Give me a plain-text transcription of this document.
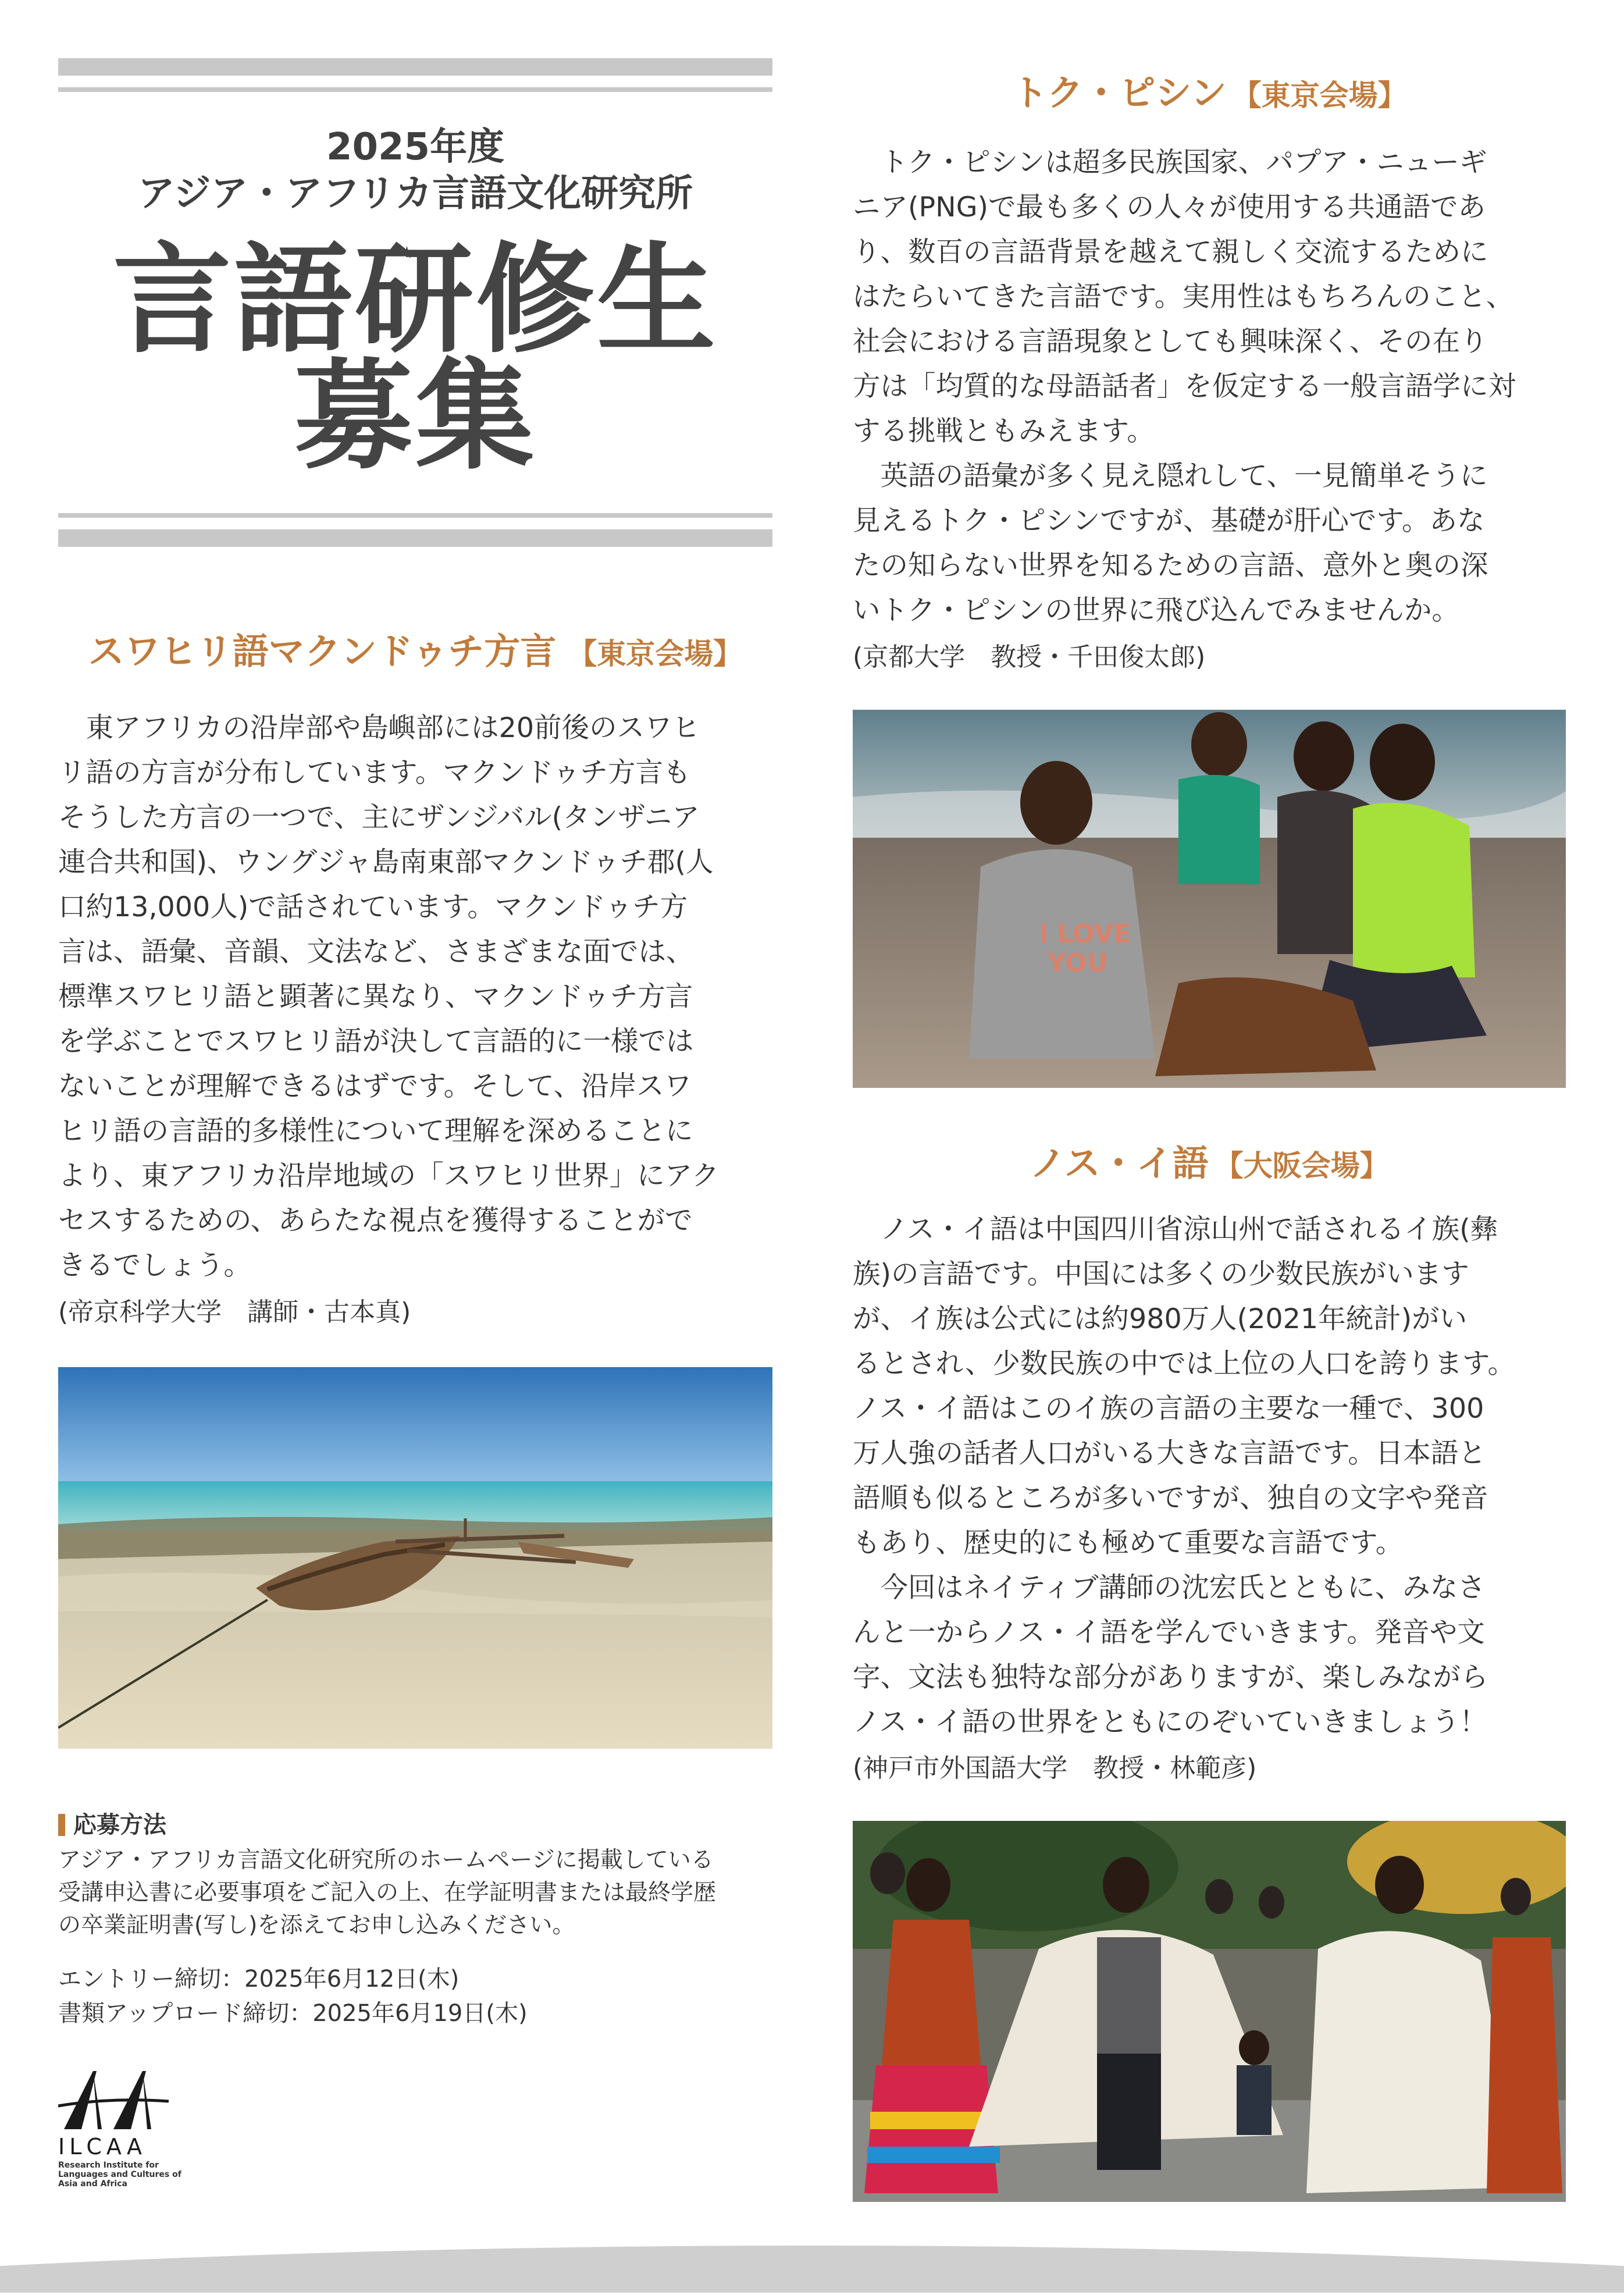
2025年度
アジア・アフリカ言語文化研究所
言語研修生
募集
スワヒリ語マクンドゥチ方言 【東京会場】
東アフリカの沿岸部や島嶼部には20前後のスワヒ
リ語の方言が分布しています。マクンドゥチ方言も
そうした方言の一つで、主にザンジバル(タンザニア
連合共和国)、ウングジャ島南東部マクンドゥチ郡(人
口約13,000人)で話されています。マクンドゥチ方
言は、語彙、音韻、文法など、さまざまな面では、
標準スワヒリ語と顕著に異なり、マクンドゥチ方言
を学ぶことでスワヒリ語が決して言語的に一様では
ないことが理解できるはずです。そして、沿岸スワ
ヒリ語の言語的多様性について理解を深めることに
より、東アフリカ沿岸地域の「スワヒリ世界」にアク
セスするための、あらたな視点を獲得することがで
きるでしょう。
(帝京科学大学　講師・古本真)
トク・ピシン 【東京会場】
トク・ピシンは超多民族国家、パプア・ニューギ
ニア(PNG)で最も多くの人々が使用する共通語であ
り、数百の言語背景を越えて親しく交流するために
はたらいてきた言語です。実用性はもちろんのこと、
社会における言語現象としても興味深く、その在り
方は「均質的な母語話者」を仮定する一般言語学に対
する挑戦ともみえます。
英語の語彙が多く見え隠れして、一見簡単そうに
見えるトク・ピシンですが、基礎が肝心です。あな
たの知らない世界を知るための言語、意外と奥の深
いトク・ピシンの世界に飛び込んでみませんか。
(京都大学　教授・千田俊太郎)
I LOVE
YOU
ノス・イ語 【大阪会場】
ノス・イ語は中国四川省涼山州で話されるイ族(彝
族)の言語です。中国には多くの少数民族がいます
が、イ族は公式には約980万人(2021年統計)がい
るとされ、少数民族の中では上位の人口を誇ります。
ノス・イ語はこのイ族の言語の主要な一種で、300
万人強の話者人口がいる大きな言語です。日本語と
語順も似るところが多いですが、独自の文字や発音
もあり、歴史的にも極めて重要な言語です。
今回はネイティブ講師の沈宏氏とともに、みなさ
んと一からノス・イ語を学んでいきます。発音や文
字、文法も独特な部分がありますが、楽しみながら
ノス・イ語の世界をともにのぞいていきましょう！
(神戸市外国語大学　教授・林範彦)
応募方法
アジア・アフリカ言語文化研究所のホームページに掲載している
受講申込書に必要事項をご記入の上、在学証明書または最終学歴
の卒業証明書(写し)を添えてお申し込みください。
エントリー締切：2025年6月12日(木)
書類アップロード締切：2025年6月19日(木)
ILCAA
Research Institute for
Languages and Cultures of
Asia and Africa
